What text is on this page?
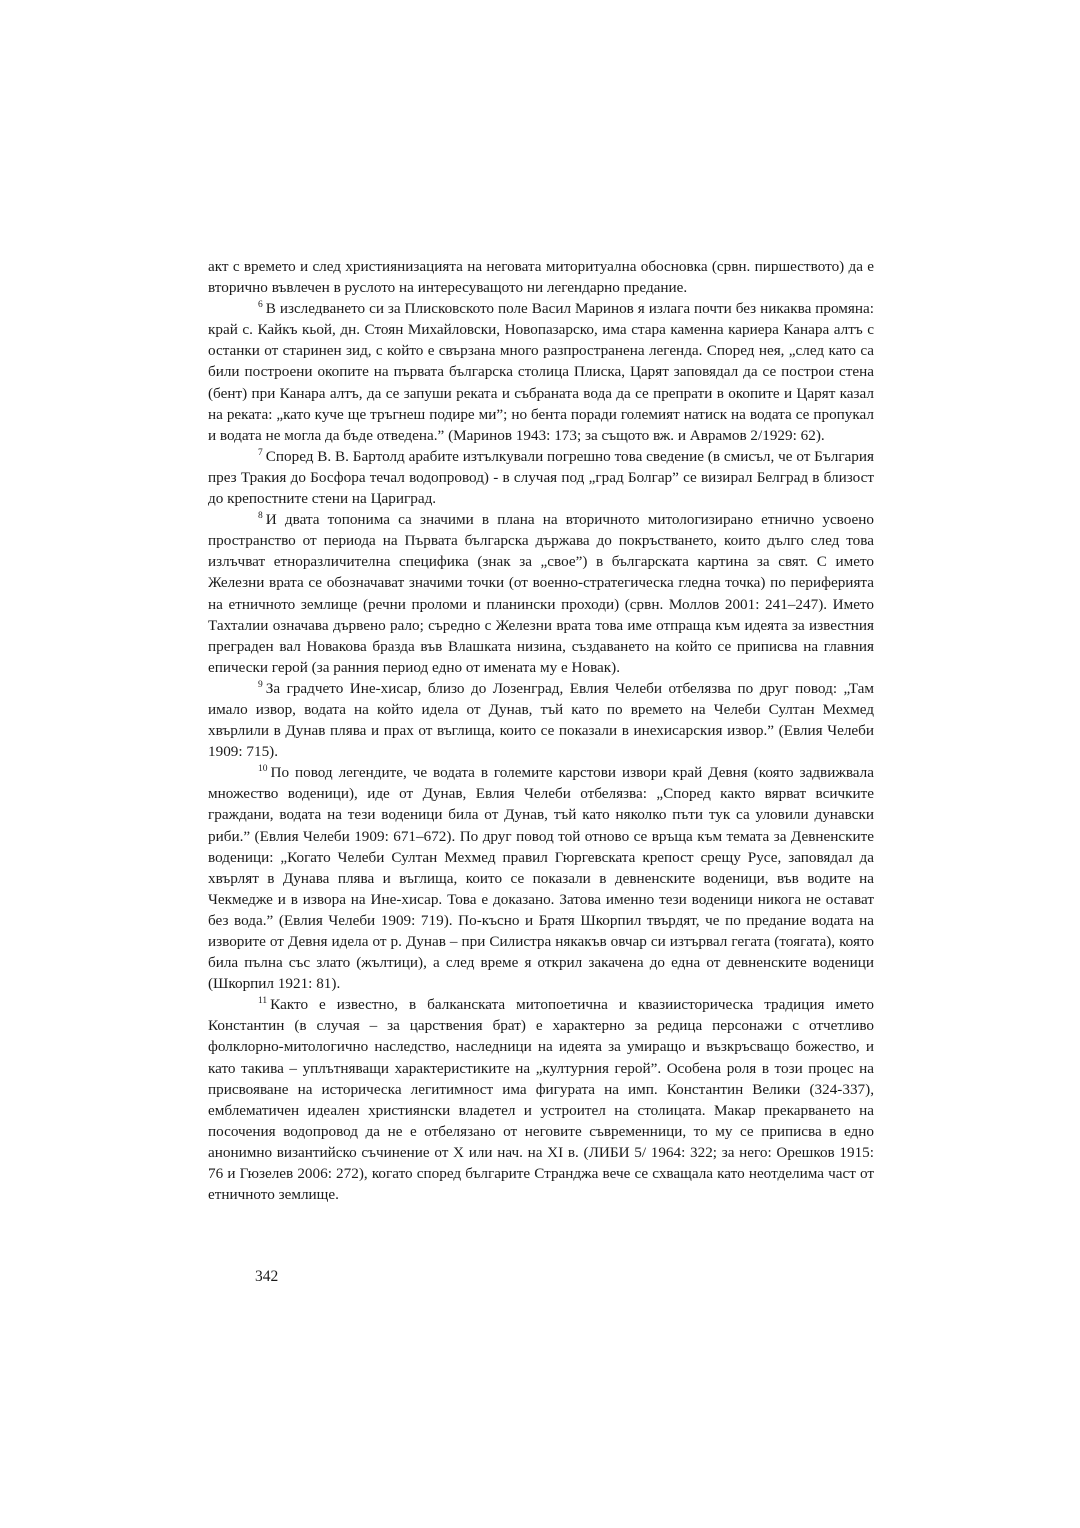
акт с времето и след християнизацията на неговата миторитуална обосновка (срвн. пиршеството) да е вторично въвлечен в руслото на интересуващото ни легендарно предание.

$^6$ В изследването си за Плисковското поле Васил Маринов я излага почти без никаква промяна: край с. Кайкъ кьой, дн. Стоян Михайловски, Новопазарско, има стара каменна кариера Канара алтъ с останки от старинен зид, с който е свързана много разпространена легенда. Според нея, „след като са били построени окопите на първата българска столица Плиска, Царят заповядал да се построи стена (бент) при Канара алтъ, да се запуши реката и събраната вода да се препрати в окопите и Царят казал на реката: „като куче ще тръгнеш подире ми”; но бента поради големият натиск на водата се пропукал и водата не могла да бъде отведена.” (Маринов 1943: 173; за същото вж. и Аврамов 2/1929: 62).

$^7$ Според В. В. Бартолд арабите изтълкували погрешно това сведение (в смисъл, че от България през Тракия до Босфора течал водопровод) - в случая под „град Болгар” се визирал Белград в близост до крепостните стени на Цариград.

$^8$ И двата топонима са значими в плана на вторичното митологизирано етнично усвоено пространство от периода на Първата българска държава до покръстването, които дълго след това излъчват етноразличителна специфика (знак за „свое”) в българската картина за свят. С името Железни врата се обозначават значими точки (от военно-стратегическа гледна точка) по периферията на етничното землище (речни проломи и планински проходи) (срвн. Моллов 2001: 241–247). Името Тахталии означава дървено рало; съредно с Железни врата това име отпраща към идеята за известния преграден вал Новакова бразда във Влашката низина, създаването на който се приписва на главния епически герой (за ранния период едно от имената му е Новак).

$^9$ За градчето Ине-хисар, близо до Лозенград, Евлия Челеби отбелязва по друг повод: „Там имало извор, водата на който идела от Дунав, тъй като по времето на Челеби Султан Мехмед хвърлили в Дунав плява и прах от въглища, които се показали в инехисарския извор.” (Евлия Челеби 1909: 715).

$^{10}$ По повод легендите, че водата в големите карстови извори край Девня (която задвижвала множество воденици), иде от Дунав, Евлия Челеби отбелязва: „Според както вярват всичките граждани, водата на тези воденици била от Дунав, тъй като няколко пъти тук са уловили дунавски риби.” (Евлия Челеби 1909: 671–672). По друг повод той отново се връща към темата за Девненските воденици: „Когато Челеби Султан Мехмед правил Гюргевската крепост срещу Русе, заповядал да хвърлят в Дунава плява и въглища, които се показали в девненските воденици, във водите на Чекмедже и в извора на Ине-хисар. Това е доказано. Затова именно тези воденици никога не остават без вода.” (Евлия Челеби 1909: 719). По-късно и Братя Шкорпил твърдят, че по предание водата на изворите от Девня идела от р. Дунав – при Силистра някакъв овчар си изтървал гегата (тоягата), която била пълна със злато (жълтици), а след време я открил закачена до една от девненските воденици (Шкорпил 1921: 81).

$^{11}$ Както е известно, в балканската митопоетична и квазиисторическа традиция името Константин (в случая – за царствения брат) е характерно за редица персонажи с отчетливо фолклорно-митологично наследство, наследници на идеята за умиращо и възкръсващо божество, и като такива – уплътняващи характеристиките на „културния герой”. Особена роля в този процес на присвояване на историческа легитимност има фигурата на имп. Константин Велики (324-337), емблематичен идеален християнски владетел и устроител на столицата. Макар прекарването на посочения водопровод да не е отбелязано от неговите съвременници, то му се приписва в едно анонимно византийско съчинение от X или нач. на XI в. (ЛИБИ 5/ 1964: 322; за него: Орешков 1915: 76 и Гюзелев 2006: 272), когато според българите Странджа вече се схващала като неотделима част от етничното землище.

342
